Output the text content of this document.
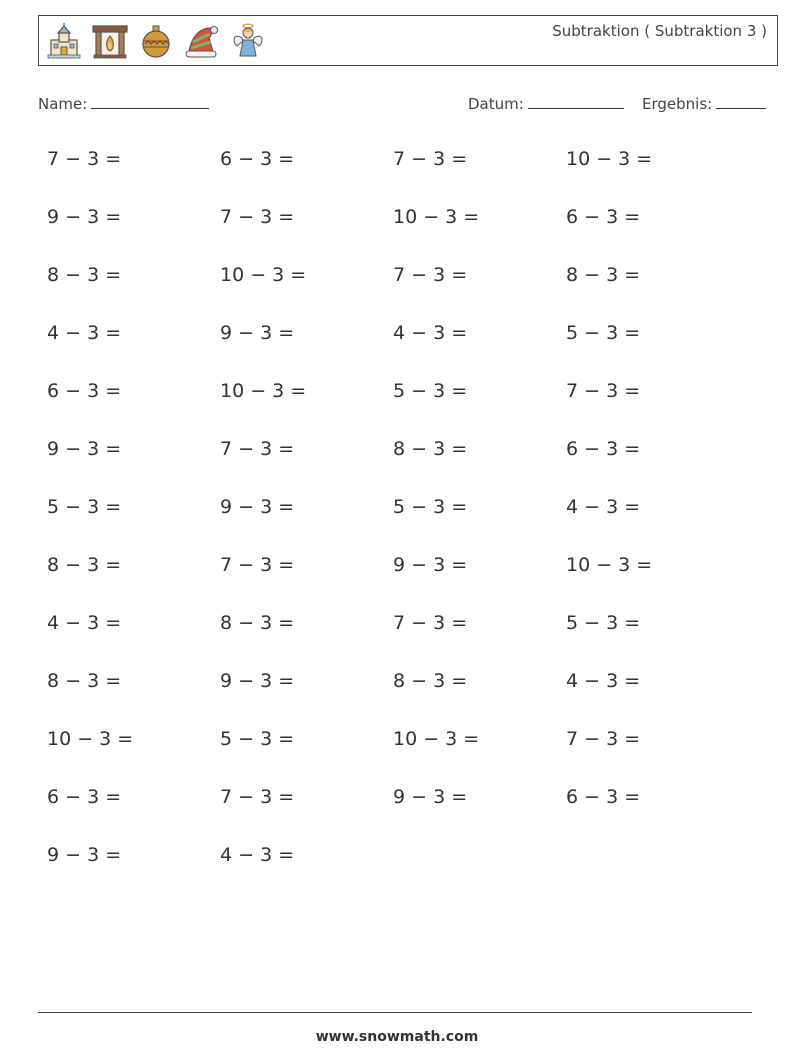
Subtraktion ( Subtraktion 3 )
Name:	Datum:	Ergebnis:
7 − 3 =	6 − 3 =	7 − 3 =	10 − 3 =
9 − 3 =	7 − 3 =	10 − 3 =	6 − 3 =
8 − 3 =	10 − 3 =	7 − 3 =	8 − 3 =
4 − 3 =	9 − 3 =	4 − 3 =	5 − 3 =
6 − 3 =	10 − 3 =	5 − 3 =	7 − 3 =
9 − 3 =	7 − 3 =	8 − 3 =	6 − 3 =
5 − 3 =	9 − 3 =	5 − 3 =	4 − 3 =
8 − 3 =	7 − 3 =	9 − 3 =	10 − 3 =
4 − 3 =	8 − 3 =	7 − 3 =	5 − 3 =
8 − 3 =	9 − 3 =	8 − 3 =	4 − 3 =
10 − 3 =	5 − 3 =	10 − 3 =	7 − 3 =
6 − 3 =	7 − 3 =	9 − 3 =	6 − 3 =
9 − 3 =	4 − 3 =
www.snowmath.com
